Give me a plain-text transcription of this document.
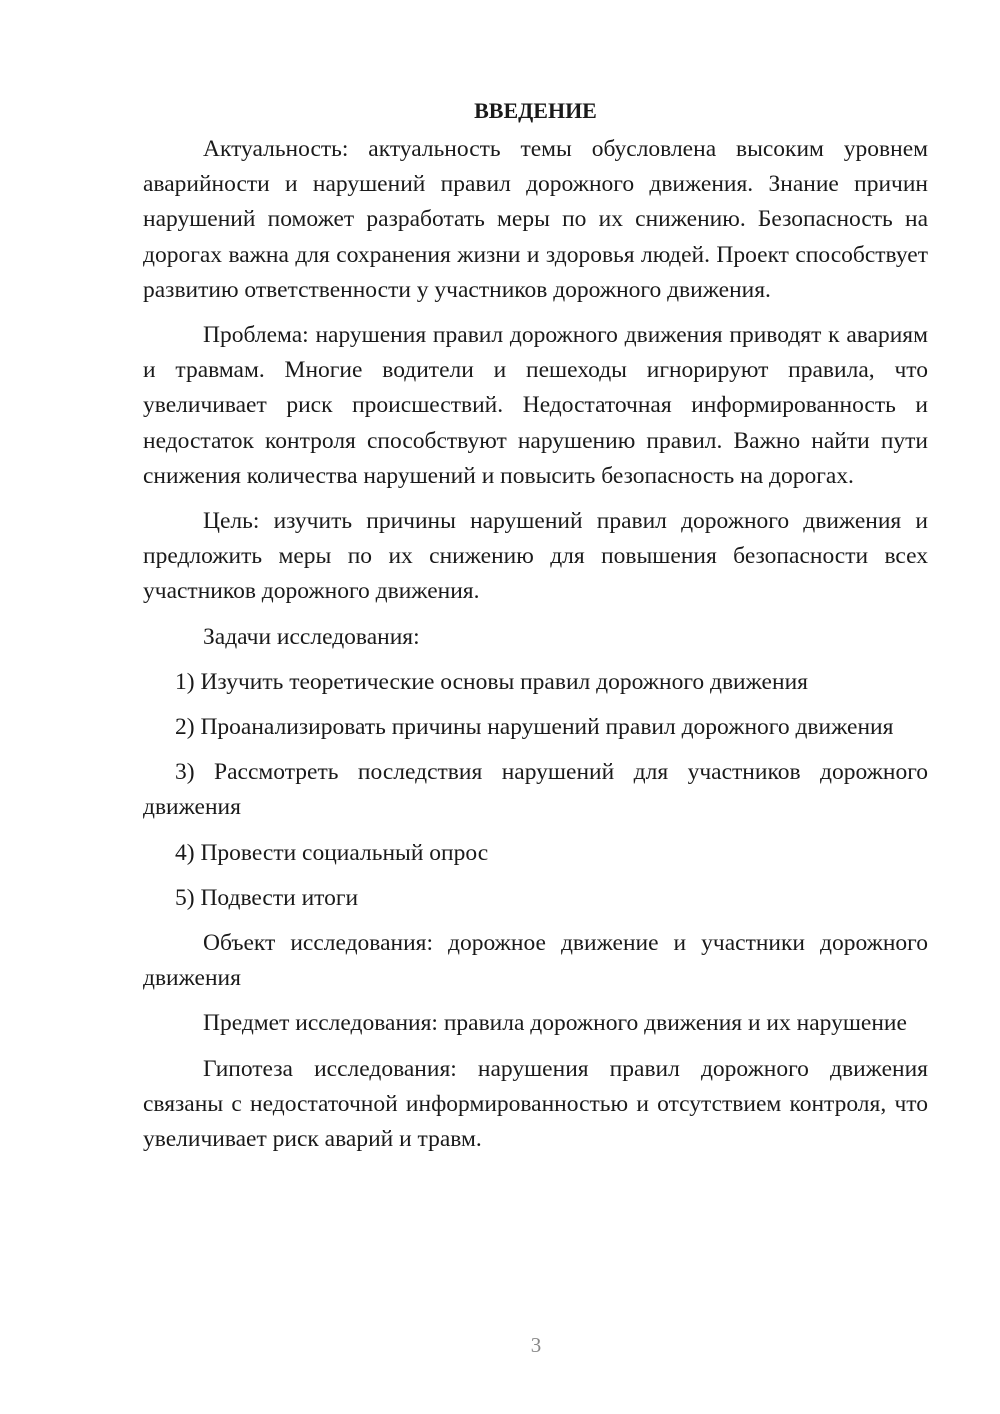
ВВЕДЕНИЕ

Актуальность: актуальность темы обусловлена высоким уровнем аварийности и нарушений правил дорожного движения. Знание причин нарушений поможет разработать меры по их снижению. Безопасность на дорогах важна для сохранения жизни и здоровья людей. Проект способствует развитию ответственности у участников дорожного движения.

Проблема: нарушения правил дорожного движения приводят к авариям и травмам. Многие водители и пешеходы игнорируют правила, что увеличивает риск происшествий. Недостаточная информированность и недостаток контроля способствуют нарушению правил. Важно найти пути снижения количества нарушений и повысить безопасность на дорогах.

Цель: изучить причины нарушений правил дорожного движения и предложить меры по их снижению для повышения безопасности всех участников дорожного движения.

Задачи исследования:

1) Изучить теоретические основы правил дорожного движения

2) Проанализировать причины нарушений правил дорожного движения

3) Рассмотреть последствия нарушений для участников дорожного движения

4) Провести социальный опрос

5) Подвести итоги

Объект исследования: дорожное движение и участники дорожного движения

Предмет исследования: правила дорожного движения и их нарушение

Гипотеза исследования: нарушения правил дорожного движения связаны с недостаточной информированностью и отсутствием контроля, что увеличивает риск аварий и травм.

3
